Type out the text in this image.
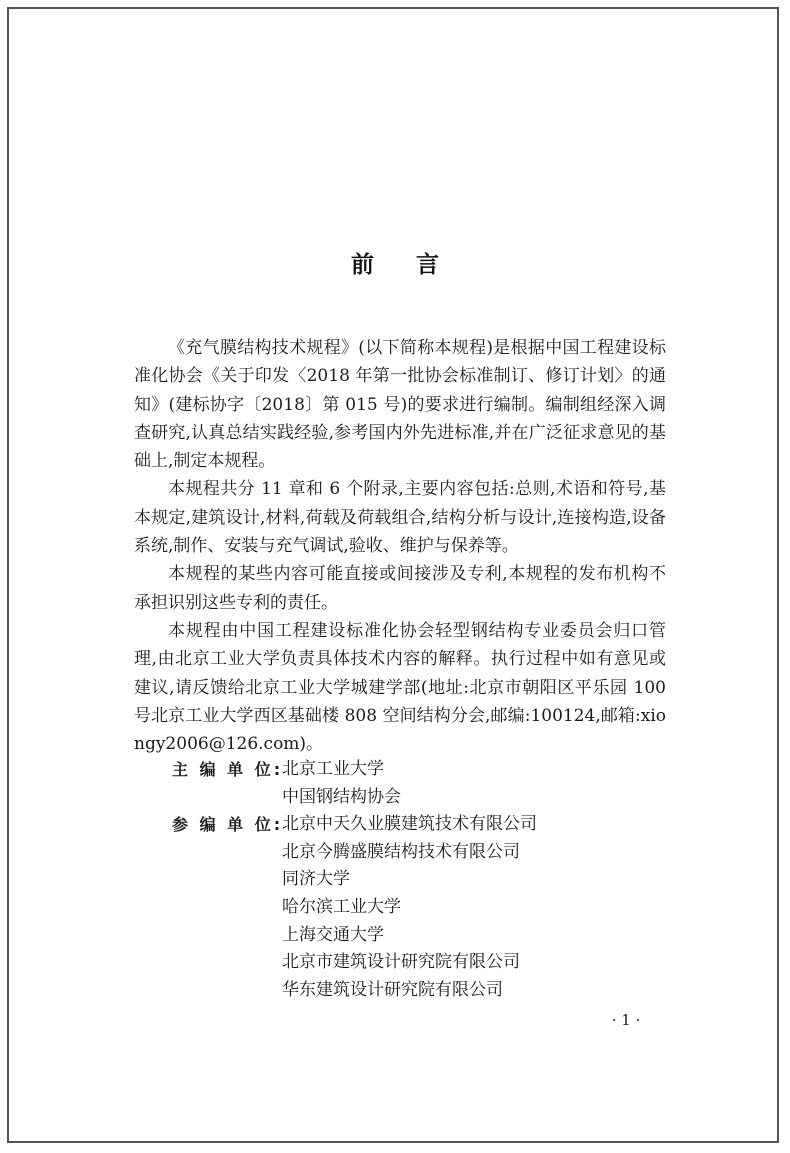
前 言

《充气膜结构技术规程》(以下简称本规程)是根据中国工程建设标准化协会《关于印发〈2018 年第一批协会标准制订、修订计划〉的通知》(建标协字〔2018〕第 015 号)的要求进行编制。编制组经深入调查研究,认真总结实践经验,参考国内外先进标准,并在广泛征求意见的基础上,制定本规程。

本规程共分 11 章和 6 个附录,主要内容包括:总则,术语和符号,基本规定,建筑设计,材料,荷载及荷载组合,结构分析与设计,连接构造,设备系统,制作、安装与充气调试,验收、维护与保养等。

本规程的某些内容可能直接或间接涉及专利,本规程的发布机构不承担识别这些专利的责任。

本规程由中国工程建设标准化协会轻型钢结构专业委员会归口管理,由北京工业大学负责具体技术内容的解释。执行过程中如有意见或建议,请反馈给北京工业大学城建学部(地址:北京市朝阳区平乐园 100 号北京工业大学西区基础楼 808 空间结构分会,邮编:100124,邮箱:xiongy2006@126.com)。

主 编 单 位:
北京工业大学
中国钢结构协会
参 编 单 位:
北京中天久业膜建筑技术有限公司
北京今腾盛膜结构技术有限公司
同济大学
哈尔滨工业大学
上海交通大学
北京市建筑设计研究院有限公司
华东建筑设计研究院有限公司
· 1 ·
